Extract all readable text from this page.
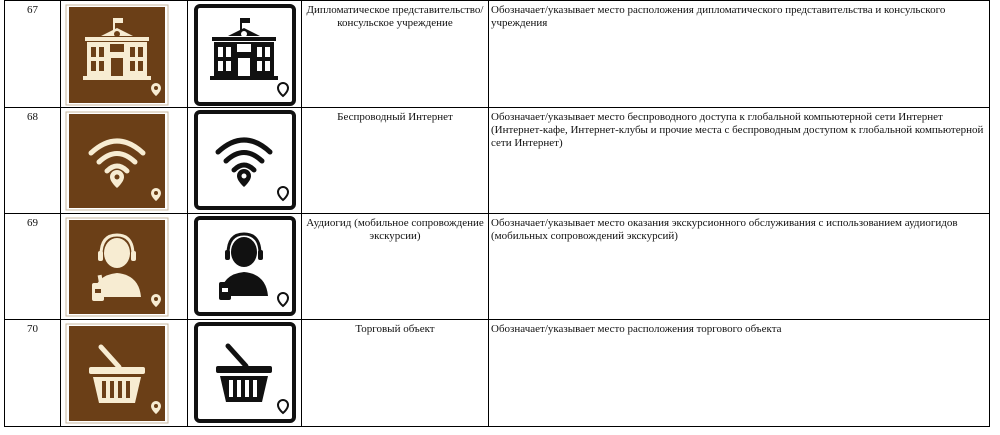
67			Дипломатическое представительство/консульское учреждение	Обозначает/указывает место расположения дипломатического представительства и консульского учреждения
68			Беспроводный Интернет	Обозначает/указывает место беспроводного доступа к глобальной компьютерной сети Интернет (Интернет-кафе, Интернет-клубы и прочие места с беспроводным доступом к глобальной компьютерной сети Интернет)
69			Аудиогид (мобильное сопровождение экскурсии)	Обозначает/указывает место оказания экскурсионного обслуживания с использованием аудиогидов (мобильных сопровождений экскурсий)
70			Торговый объект	Обозначает/указывает место расположения торгового объекта
